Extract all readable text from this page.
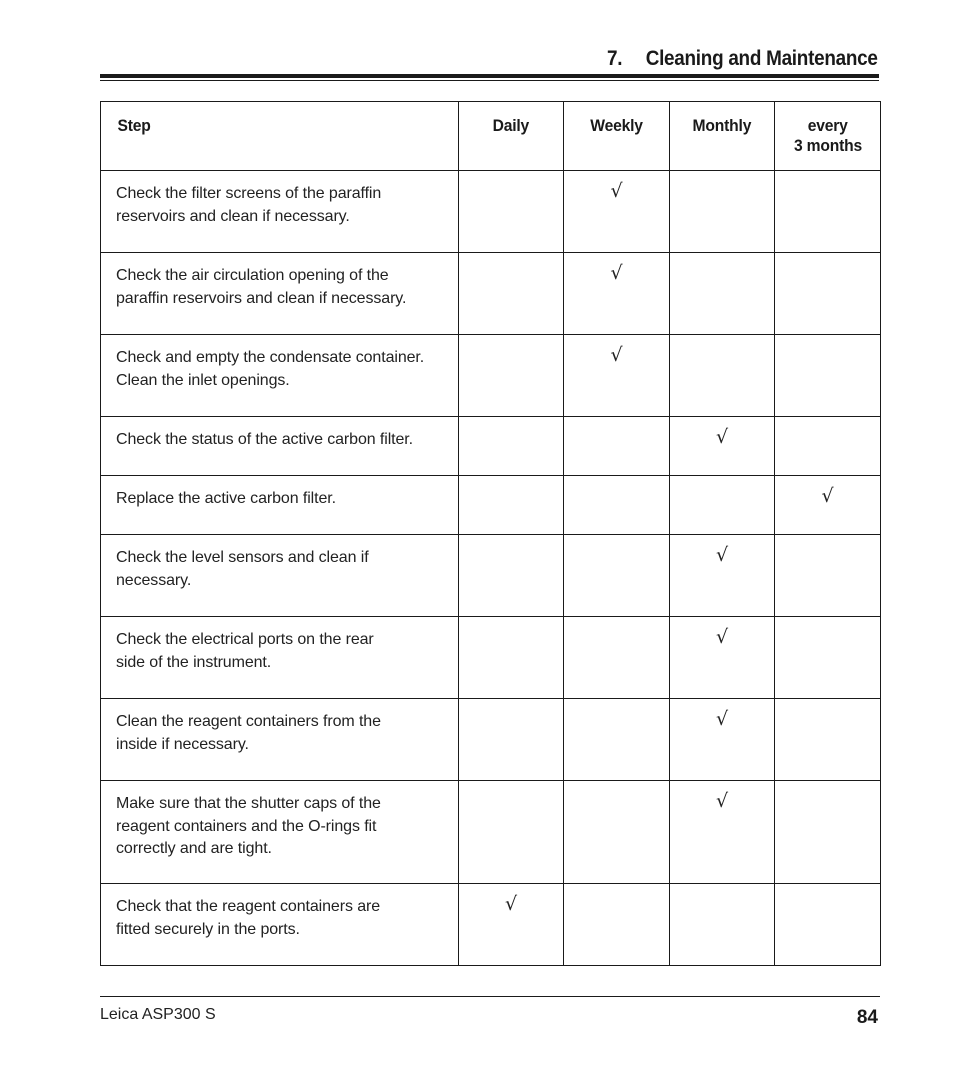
7. Cleaning and Maintenance
Step	Daily	Weekly	Monthly	every
3 months

Check the filter screens of the paraffin
reservoirs and clean if necessary.		√		

Check the air circulation opening of the
paraffin reservoirs and clean if necessary.		√		

Check and empty the condensate container.
Clean the inlet openings.		√		

Check the status of the active carbon filter.			√	

Replace the active carbon filter.				√

Check the level sensors and clean if
necessary.			√	

Check the electrical ports on the rear
side of the instrument.			√	

Clean the reagent containers from the
inside if necessary.			√	

Make sure that the shutter caps of the
reagent containers and the O-rings fit
correctly and are tight.			√	

Check that the reagent containers are
fitted securely in the ports.	√			
Leica ASP300 S	84
